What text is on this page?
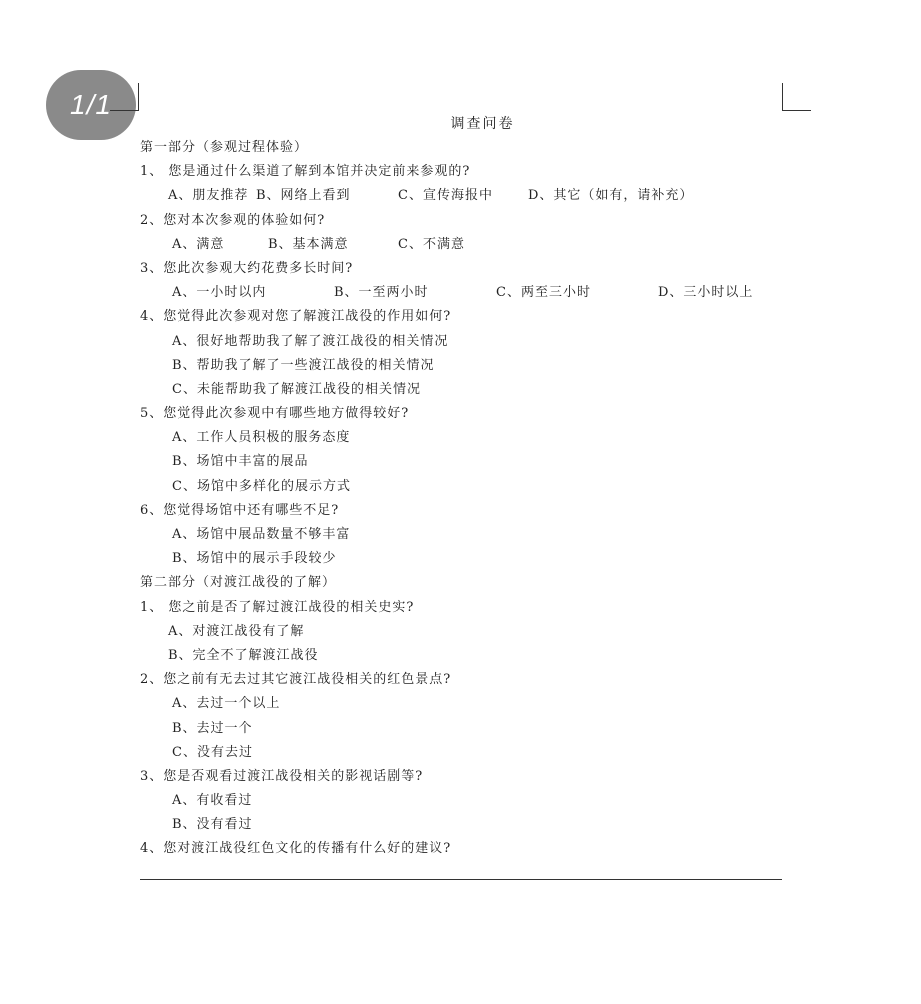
1/1
调查问卷
第一部分（参观过程体验）
1、 您是通过什么渠道了解到本馆并决定前来参观的?
A、朋友推荐 B、网络上看到	C、宣传海报中	D、其它（如有，请补充）
2、您对本次参观的体验如何?
A、满意	B、基本满意	C、不满意
3、您此次参观大约花费多长时间?
A、一小时以内	B、一至两小时	C、两至三小时	D、三小时以上
4、您觉得此次参观对您了解渡江战役的作用如何?
A、很好地帮助我了解了渡江战役的相关情况
B、帮助我了解了一些渡江战役的相关情况
C、未能帮助我了解渡江战役的相关情况
5、您觉得此次参观中有哪些地方做得较好?
A、工作人员积极的服务态度
B、场馆中丰富的展品
C、场馆中多样化的展示方式
6、您觉得场馆中还有哪些不足?
A、场馆中展品数量不够丰富
B、场馆中的展示手段较少
第二部分（对渡江战役的了解）
1、 您之前是否了解过渡江战役的相关史实?
A、对渡江战役有了解
B、完全不了解渡江战役
2、您之前有无去过其它渡江战役相关的红色景点?
A、去过一个以上
B、去过一个
C、没有去过
3、您是否观看过渡江战役相关的影视话剧等?
A、有收看过
B、没有看过
4、您对渡江战役红色文化的传播有什么好的建议?
